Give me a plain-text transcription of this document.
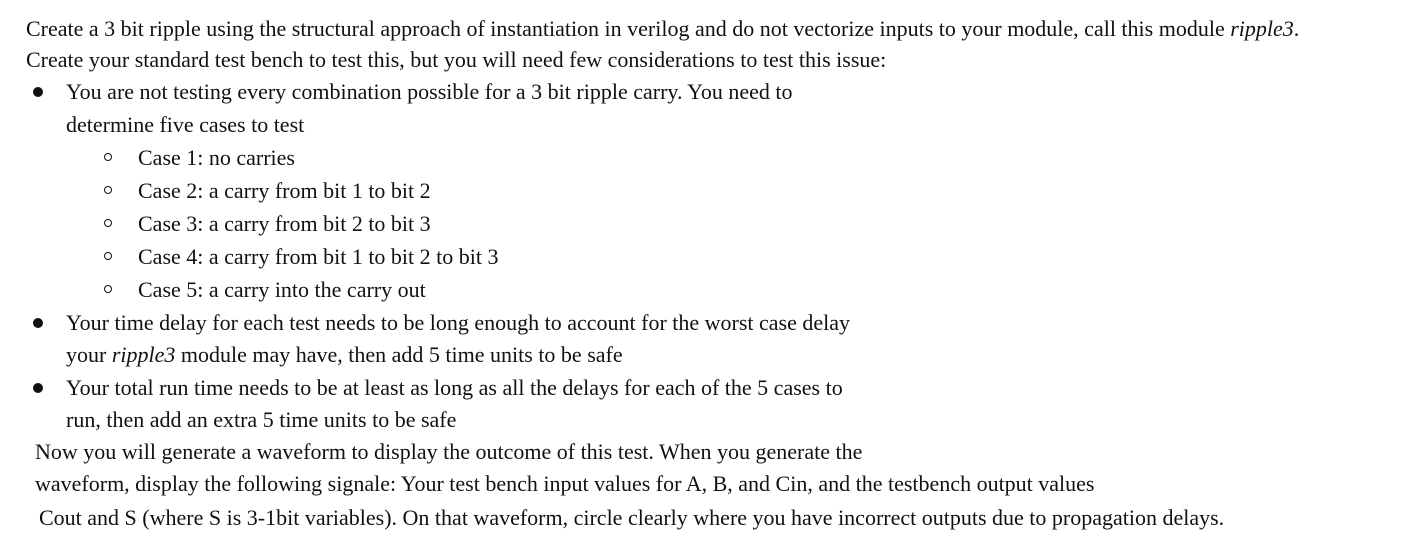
Create a 3 bit ripple using the structural approach of instantiation in verilog and do not vectorize inputs to your module, call this module ripple3.
Create your standard test bench to test this, but you will need few considerations to test this issue:
You are not testing every combination possible for a 3 bit ripple carry. You need to
determine five cases to test
Case 1: no carries
Case 2: a carry from bit 1 to bit 2
Case 3: a carry from bit 2 to bit 3
Case 4: a carry from bit 1 to bit 2 to bit 3
Case 5: a carry into the carry out
Your time delay for each test needs to be long enough to account for the worst case delay
your ripple3 module may have, then add 5 time units to be safe
Your total run time needs to be at least as long as all the delays for each of the 5 cases to
run, then add an extra 5 time units to be safe
Now you will generate a waveform to display the outcome of this test. When you generate the
waveform, display the following signale: Your test bench input values for A, B, and Cin, and the testbench output values
Cout and S (where S is 3-1bit variables). On that waveform, circle clearly where you have incorrect outputs due to propagation delays.
